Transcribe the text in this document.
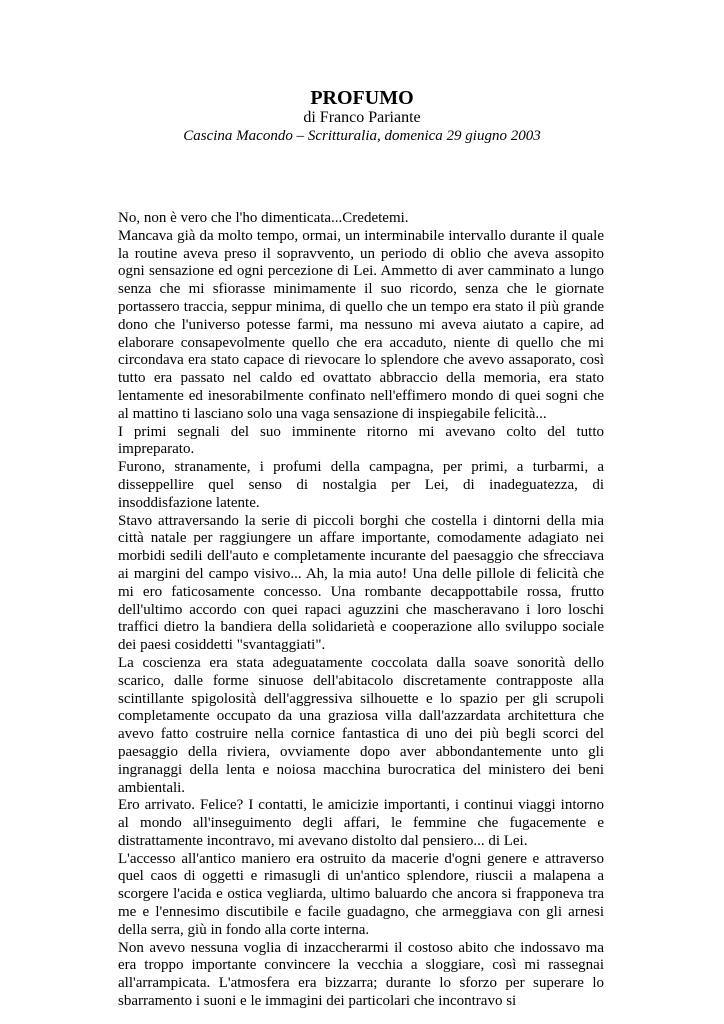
PROFUMO
di Franco Pariante
Cascina Macondo – Scritturalia, domenica 29 giugno 2003

No, non è vero che l'ho dimenticata...Credetemi.

Mancava già da molto tempo, ormai, un interminabile intervallo durante il quale la routine aveva preso il sopravvento, un periodo di oblio che aveva assopito ogni sensazione ed ogni percezione di Lei. Ammetto di aver camminato a lungo senza che mi sfiorasse minimamente il suo ricordo, senza che le giornate portassero traccia, seppur minima, di quello che un tempo era stato il più grande dono che l'universo potesse farmi, ma nessuno mi aveva aiutato a capire, ad elaborare consapevolmente quello che era accaduto, niente di quello che mi circondava era stato capace di rievocare lo splendore che avevo assaporato, così tutto era passato nel caldo ed ovattato abbraccio della memoria, era stato lentamente ed inesorabilmente confinato nell'effimero mondo di quei sogni che al mattino ti lasciano solo una vaga sensazione di inspiegabile felicità...

I primi segnali del suo imminente ritorno mi avevano colto del tutto impreparato.

Furono, stranamente, i profumi della campagna, per primi, a turbarmi, a disseppellire quel senso di nostalgia per Lei, di inadeguatezza, di insoddisfazione latente.

Stavo attraversando la serie di piccoli borghi che costella i dintorni della mia città natale per raggiungere un affare importante, comodamente adagiato nei morbidi sedili dell'auto e completamente incurante del paesaggio che sfrecciava ai margini del campo visivo... Ah, la mia auto! Una delle pillole di felicità che mi ero faticosamente concesso. Una rombante decappottabile rossa, frutto dell'ultimo accordo con quei rapaci aguzzini che mascheravano i loro loschi traffici dietro la bandiera della solidarietà e cooperazione allo sviluppo sociale dei paesi cosiddetti "svantaggiati".

La coscienza era stata adeguatamente coccolata dalla soave sonorità dello scarico, dalle forme sinuose dell'abitacolo discretamente contrapposte alla scintillante spigolosità dell'aggressiva silhouette e lo spazio per gli scrupoli completamente occupato da una graziosa villa dall'azzardata architettura che avevo fatto costruire nella cornice fantastica di uno dei più begli scorci del paesaggio della riviera, ovviamente dopo aver abbondantemente unto gli ingranaggi della lenta e noiosa macchina burocratica del ministero dei beni ambientali.

Ero arrivato. Felice? I contatti, le amicizie importanti, i continui viaggi intorno al mondo all'inseguimento degli affari, le femmine che fugacemente e distrattamente incontravo, mi avevano distolto dal pensiero... di Lei.

L'accesso all'antico maniero era ostruito da macerie d'ogni genere e attraverso quel caos di oggetti e rimasugli di un'antico splendore, riuscii a malapena a scorgere l'acida e ostica vegliarda, ultimo baluardo che ancora si frapponeva tra me e l'ennesimo discutibile e facile guadagno, che armeggiava con gli arnesi della serra, giù in fondo alla corte interna.

Non avevo nessuna voglia di inzaccherarmi il costoso abito che indossavo ma era troppo importante convincere la vecchia a sloggiare, così mi rassegnai all'arrampicata. L'atmosfera era bizzarra; durante lo sforzo per superare lo sbarramento i suoni e le immagini dei particolari che incontravo si
